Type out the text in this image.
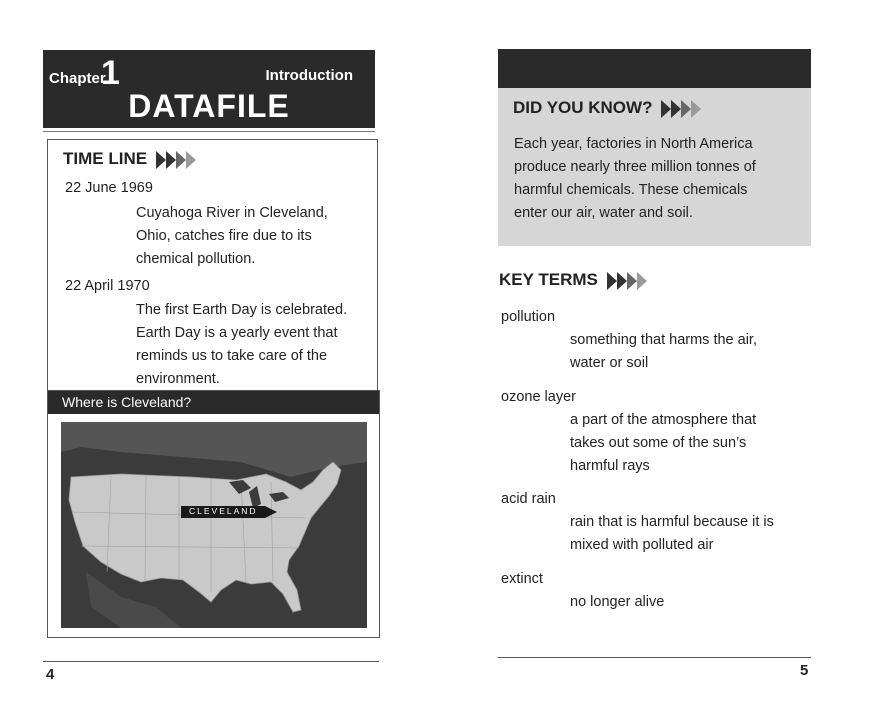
Chapter
1	Introduction
DATAFILE
TIME LINE
22 June 1969
Cuyahoga River in Cleveland,
Ohio, catches fire due to its
chemical pollution.
22 April 1970
The first Earth Day is celebrated.
Earth Day is a yearly event that
reminds us to take care of the
environment.
Where is Cleveland?
CLEVELAND
4
DID YOU KNOW?
Each year, factories in North America
produce nearly three million tonnes of
harmful chemicals. These chemicals
enter our air, water and soil.
KEY TERMS
pollution
something that harms the air,
water or soil
ozone layer
a part of the atmosphere that
takes out some of the sun’s
harmful rays
acid rain
rain that is harmful because it is
mixed with polluted air
extinct
no longer alive
5
